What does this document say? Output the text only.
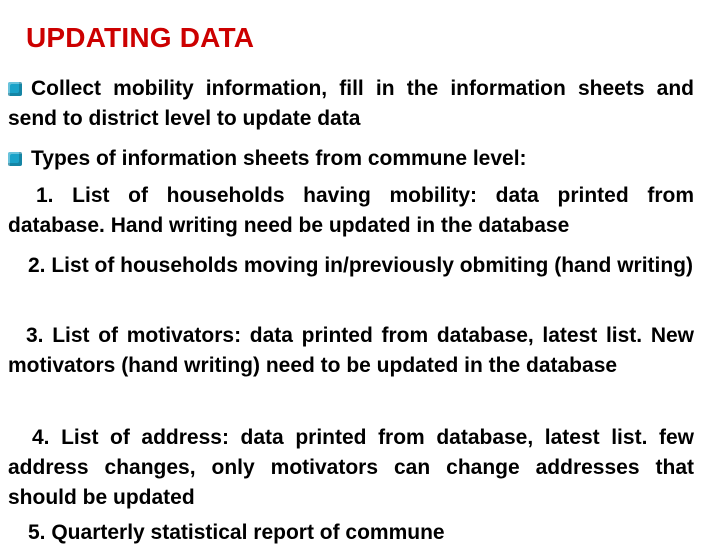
UPDATING DATA
Collect mobility information, fill in the information sheets and send to district level to update data
Types of information sheets from commune level:
1. List of households having mobility: data printed from database. Hand writing need be updated in the database
2. List of households moving in/previously obmiting (hand writing)
3. List of motivators: data printed from database, latest list. New motivators (hand writing) need to be updated in the database
4. List of address: data printed from database, latest list. few address changes, only motivators can change addresses that should be updated
5. Quarterly statistical report of commune
